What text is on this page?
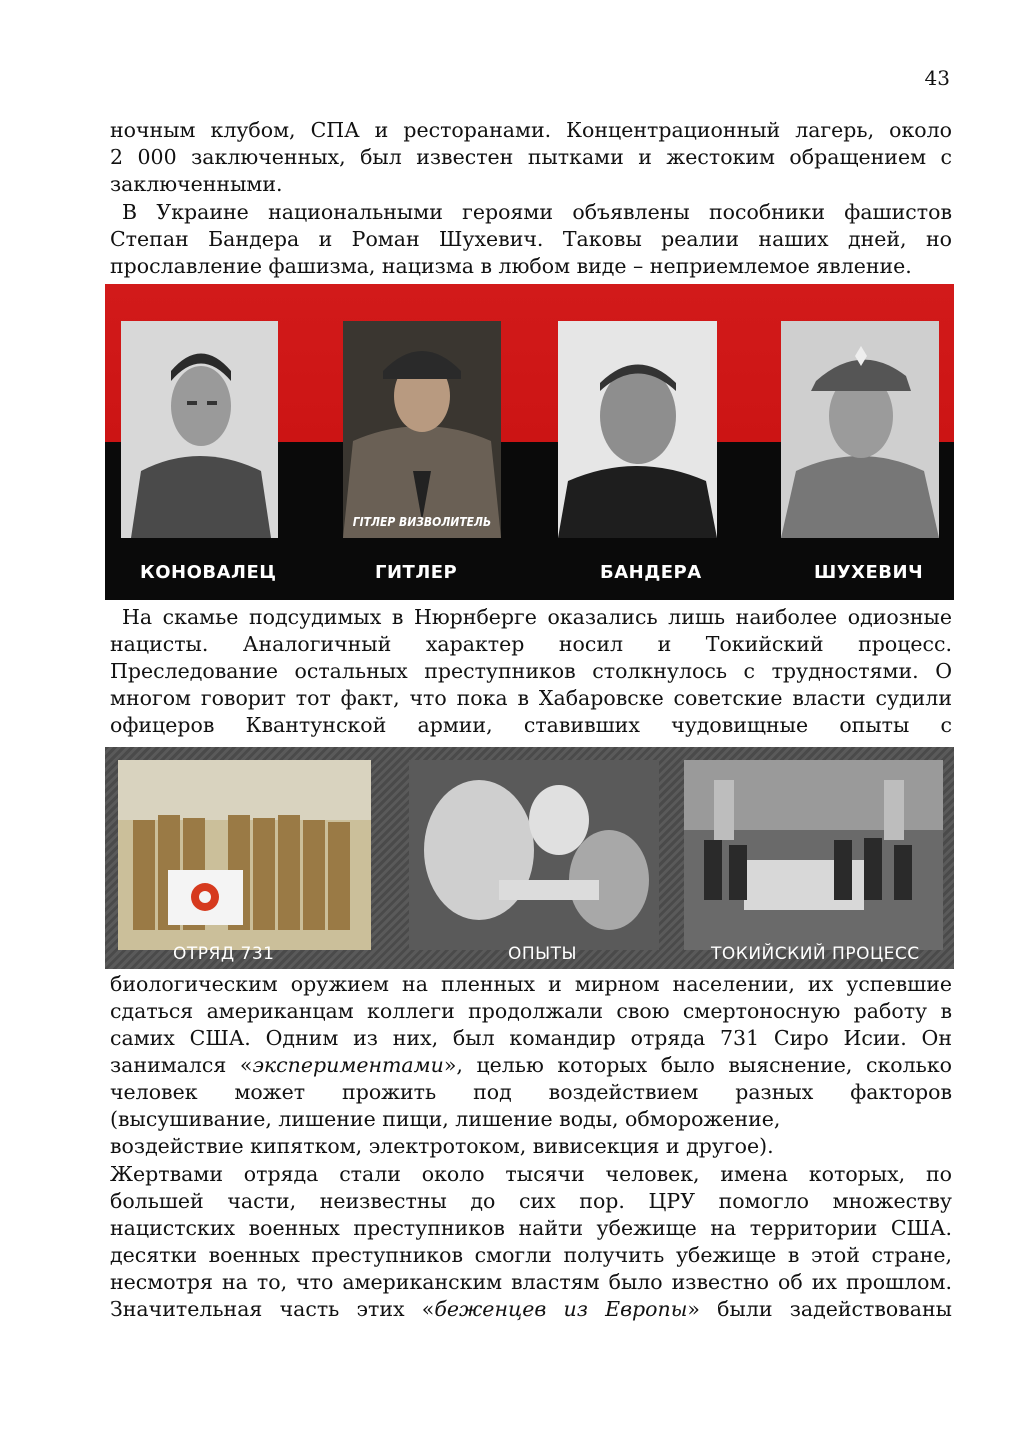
43
ночным клубом, СПА и ресторанами. Концентрационный лагерь, около
2 000 заключенных, был известен пытками и жестоким обращением с
заключенными.
В Украине национальными героями объявлены пособники фашистов
Степан Бандера и Роман Шухевич. Таковы реалии наших дней, но
прославление фашизма, нацизма в любом виде – неприемлемое явление.
ГІТЛЕР ВИЗВОЛИТЕЛЬ
КОНОВАЛЕЦ	ГИТЛЕР	БАНДЕРА	ШУХЕВИЧ
На скамье подсудимых в Нюрнберге оказались лишь наиболее одиозные
нацисты. Аналогичный характер носил и Токийский процесс.
Преследование остальных преступников столкнулось с трудностями. О
многом говорит тот факт, что пока в Хабаровске советские власти судили
офицеров Квантунской армии, ставивших чудовищные опыты с
ОТРЯД 731	ОПЫТЫ	ТОКИЙСКИЙ ПРОЦЕСС
биологическим оружием на пленных и мирном населении, их успевшие
сдаться американцам коллеги продолжали свою смертоносную работу в
самих США. Одним из них, был командир отряда 731 Сиро Исии. Он
занимался «экспериментами», целью которых было выяснение, сколько
человек может прожить под воздействием разных факторов
(высушивание, лишение пищи, лишение воды, обморожение,
воздействие кипятком, электротоком, вивисекция и другое).
Жертвами отряда стали около тысячи человек, имена которых, по
большей части, неизвестны до сих пор. ЦРУ помогло множеству
нацистских военных преступников найти убежище на территории США.
десятки военных преступников смогли получить убежище в этой стране,
несмотря на то, что американским властям было известно об их прошлом.
Значительная часть этих «беженцев из Европы» были задействованы
